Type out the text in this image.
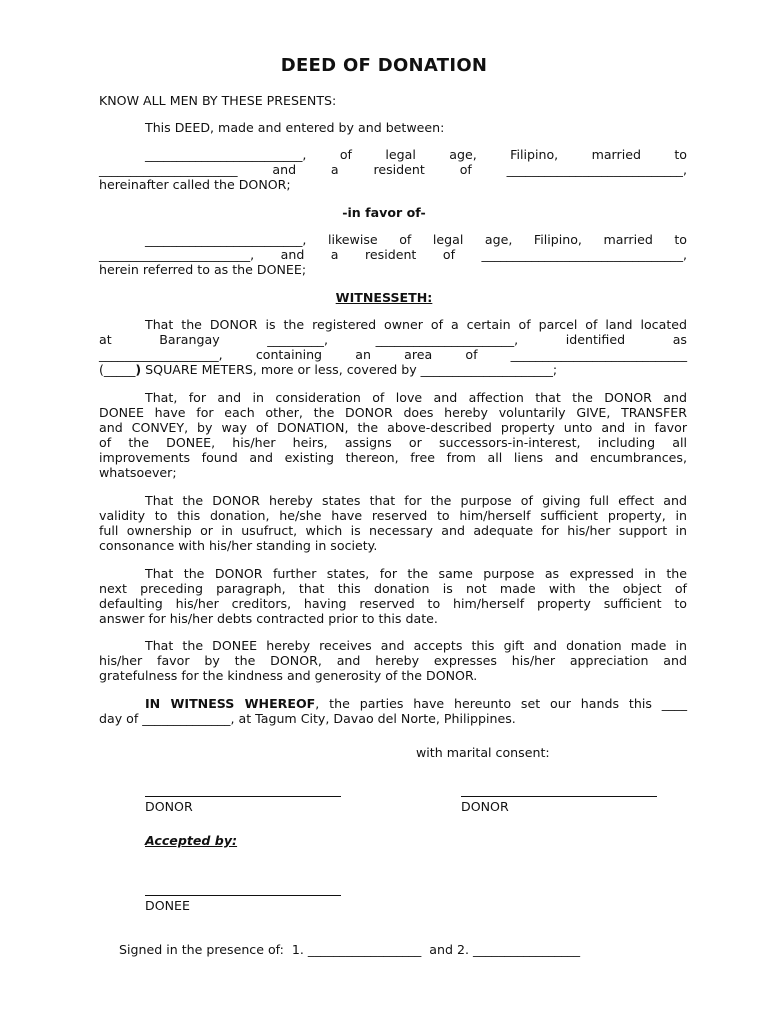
DEED OF DONATION
KNOW ALL MEN BY THESE PRESENTS:
This DEED, made and entered by and between:
_________________________, of legal age, Filipino, married to
______________________ and a resident of ____________________________,
hereinafter called the DONOR;
-in favor of-
_________________________, likewise of legal age, Filipino, married to
________________________, and a resident of ________________________________,
herein referred to as the DONEE;
WITNESSETH:
That the DONOR is the registered owner of a certain of parcel of land located
at Barangay _________, ______________________, identified as
___________________, containing an area of ____________________________
(_____) SQUARE METERS, more or less, covered by _____________________;
That, for and in consideration of love and affection that the DONOR and
DONEE have for each other, the DONOR does hereby voluntarily GIVE, TRANSFER
and CONVEY, by way of DONATION, the above-described property unto and in favor
of the DONEE, his/her heirs, assigns or successors-in-interest, including all
improvements found and existing thereon, free from all liens and encumbrances,
whatsoever;
That the DONOR hereby states that for the purpose of giving full effect and
validity to this donation, he/she have reserved to him/herself sufficient property, in
full ownership or in usufruct, which is necessary and adequate for his/her support in
consonance with his/her standing in society.
That the DONOR further states, for the same purpose as expressed in the
next preceding paragraph, that this donation is not made with the object of
defaulting his/her creditors, having reserved to him/herself property sufficient to
answer for his/her debts contracted prior to this date.
That the DONEE hereby receives and accepts this gift and donation made in
his/her favor by the DONOR, and hereby expresses his/her appreciation and
gratefulness for the kindness and generosity of the DONOR.
IN WITNESS WHEREOF, the parties have hereunto set our hands this ____
day of ______________, at Tagum City, Davao del Norte, Philippines.
with marital consent:
DONOR	DONOR
Accepted by:
DONEE
Signed in the presence of:  1. __________________  and 2. _________________
